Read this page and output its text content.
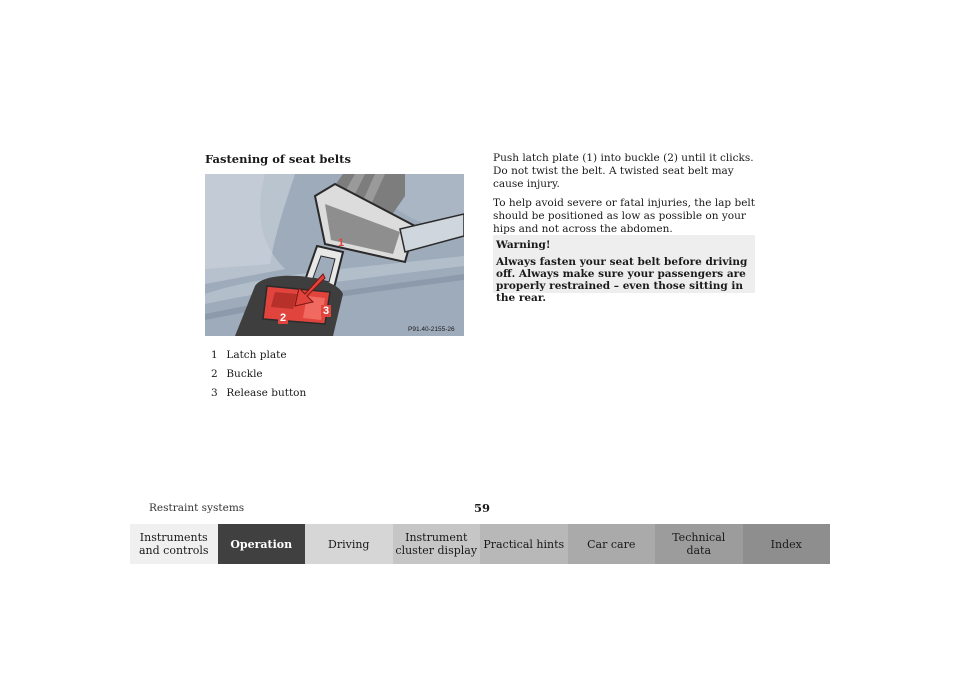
Fastening of seat belts
1
2
3
P91.40-2155-26
1 Latch plate
2 Buckle
3 Release button

Push latch plate (1) into buckle (2) until it clicks. Do not twist the belt. A twisted seat belt may cause injury.

To help avoid severe or fatal injuries, the lap belt should be positioned as low as possible on your hips and not across the abdomen.

Warning!
Always fasten your seat belt before driving off. Always make sure your passengers are properly restrained – even those sitting in the rear.
Restraint systems	59
Instruments
and controls Operation	Driving	Instrument
cluster display Practical hints Car care	Technical
data	Index
